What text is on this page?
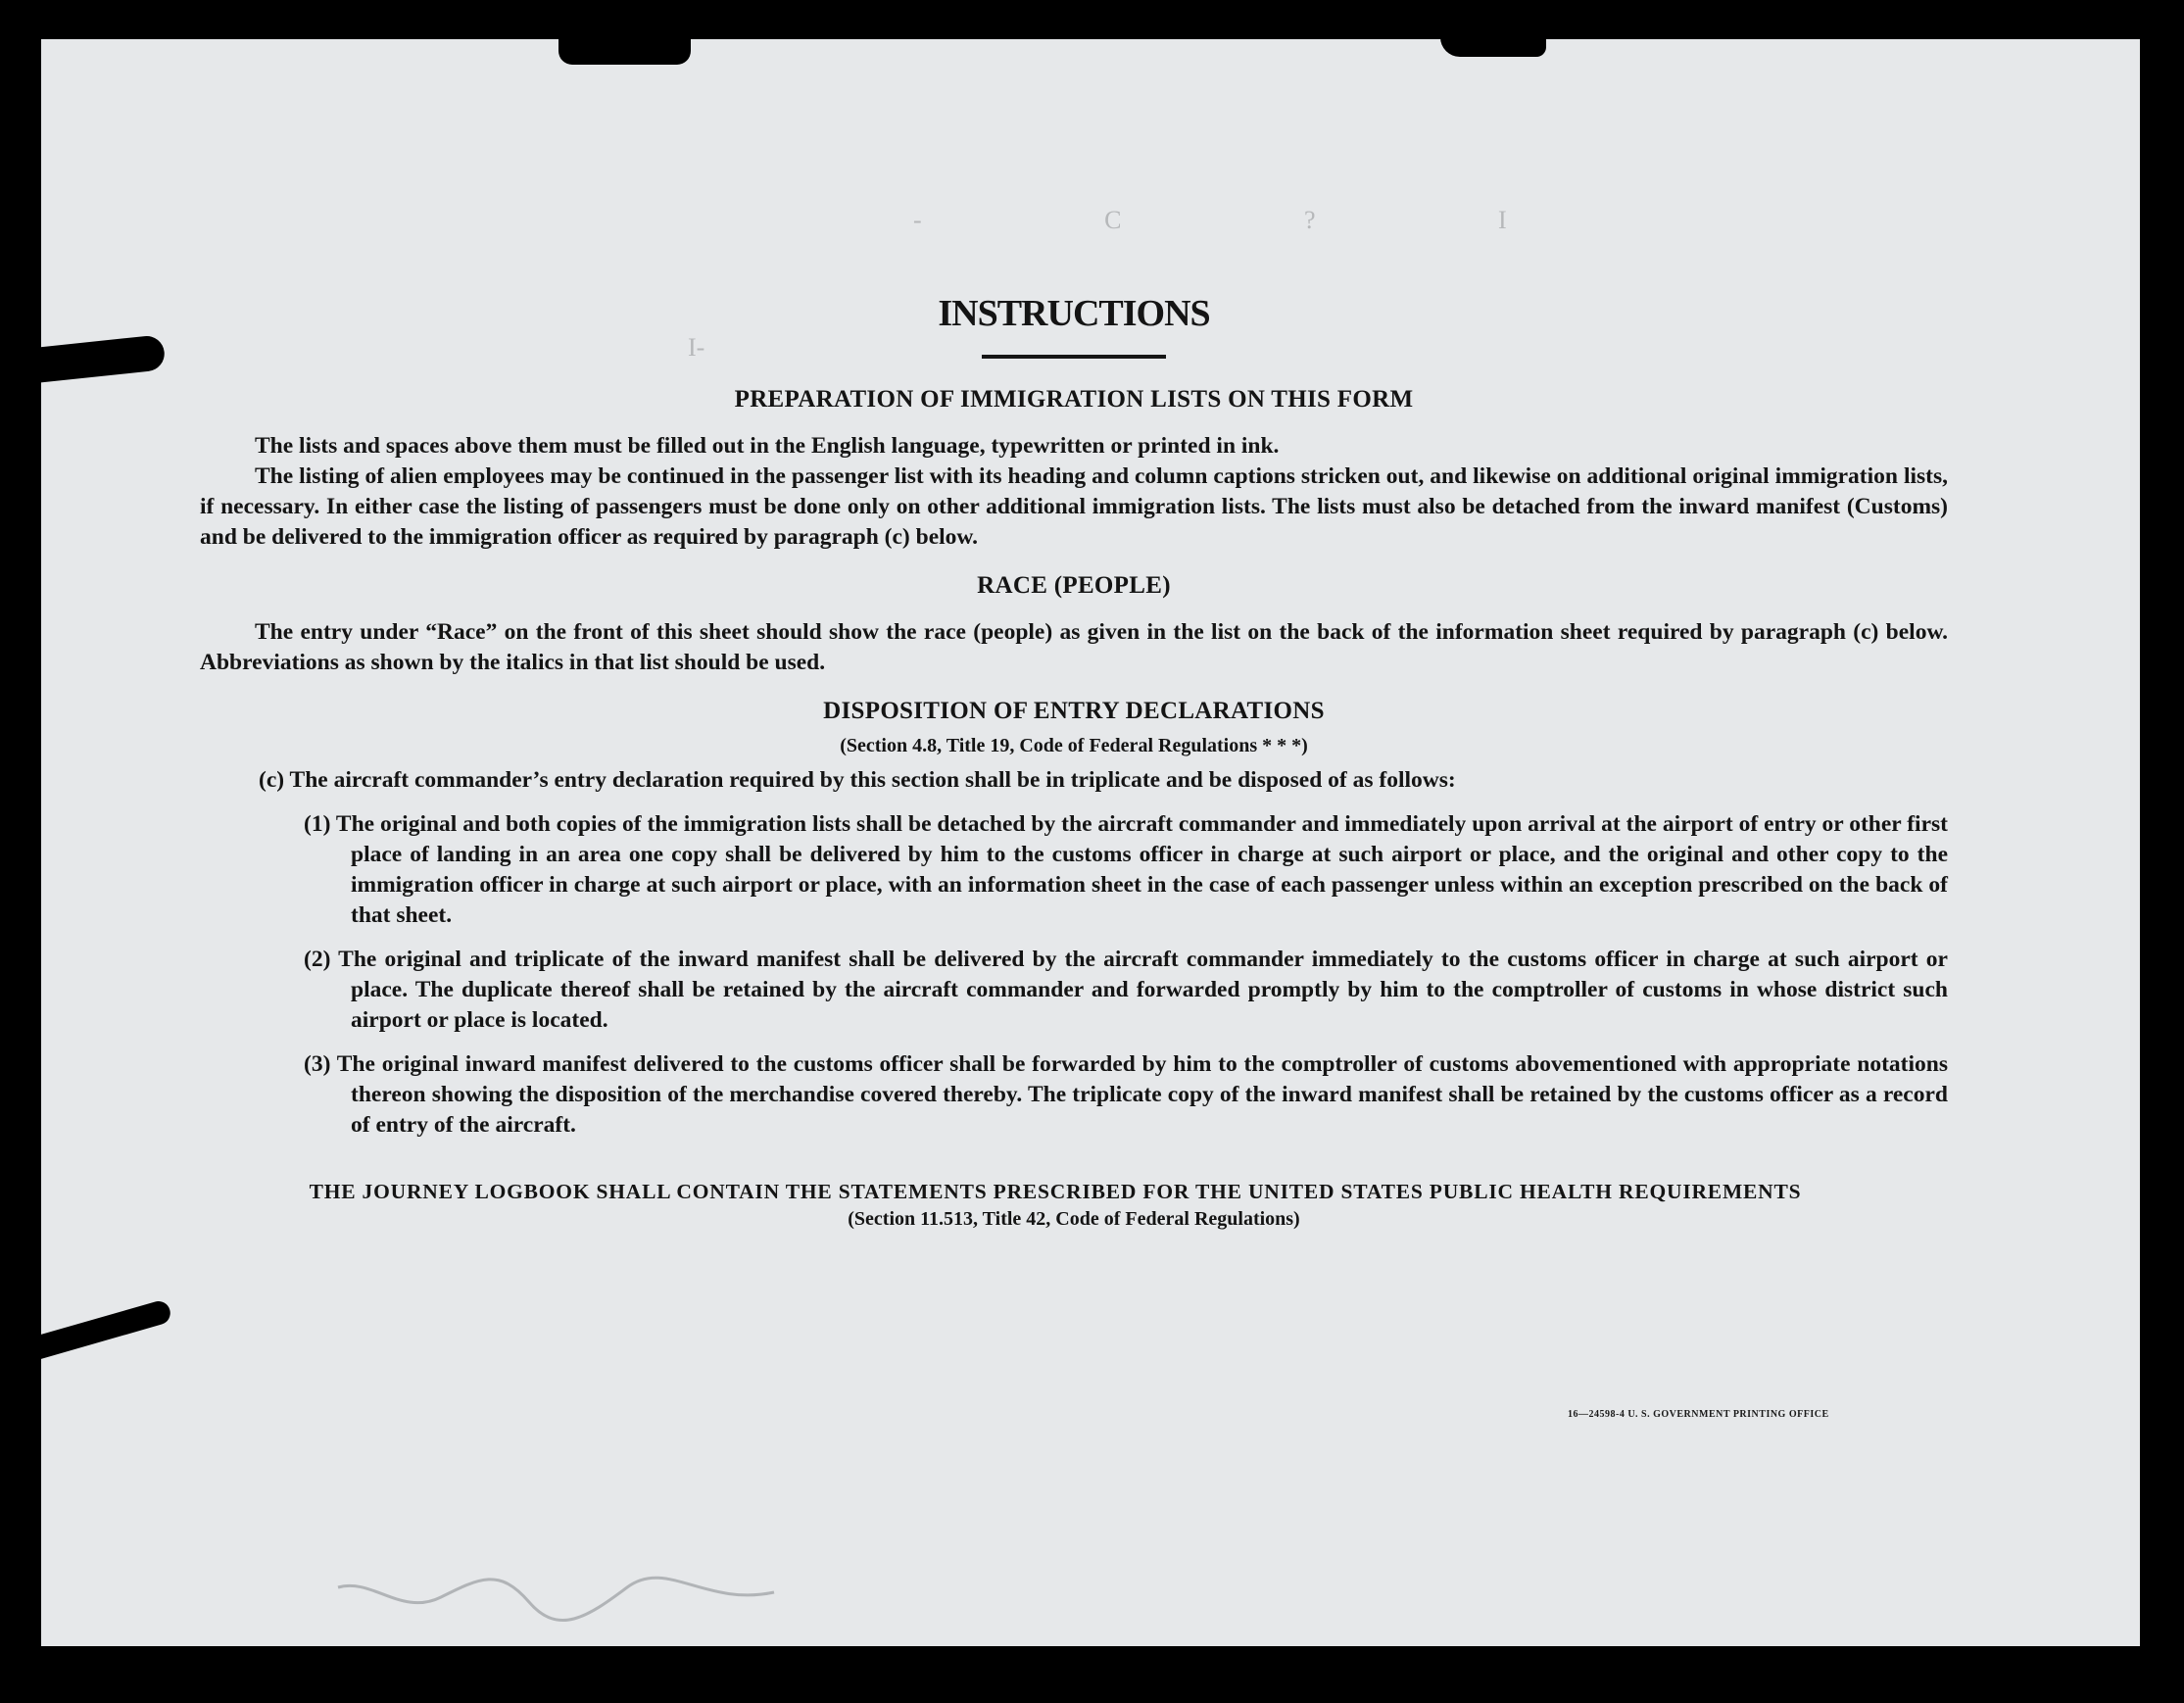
- C ? I
I-
INSTRUCTIONS
PREPARATION OF IMMIGRATION LISTS ON THIS FORM

The lists and spaces above them must be filled out in the English language, typewritten or printed in ink.

The listing of alien employees may be continued in the passenger list with its heading and column captions stricken out, and likewise on additional original immigration lists, if necessary. In either case the listing of passengers must be done only on other additional immigration lists. The lists must also be detached from the inward manifest (Customs) and be delivered to the immigration officer as required by paragraph (c) below.

RACE (PEOPLE)

The entry under “Race” on the front of this sheet should show the race (people) as given in the list on the back of the information sheet required by paragraph (c) below. Abbreviations as shown by the italics in that list should be used.

DISPOSITION OF ENTRY DECLARATIONS
(Section 4.8, Title 19, Code of Federal Regulations * * *)

(c) The aircraft commander’s entry declaration required by this section shall be in triplicate and be disposed of as follows:

(1) The original and both copies of the immigration lists shall be detached by the aircraft commander and immediately upon arrival at the airport of entry or other first place of landing in an area one copy shall be delivered by him to the customs officer in charge at such airport or place, and the original and other copy to the immigration officer in charge at such airport or place, with an information sheet in the case of each passenger unless within an exception prescribed on the back of that sheet.

(2) The original and triplicate of the inward manifest shall be delivered by the aircraft commander immediately to the customs officer in charge at such airport or place. The duplicate thereof shall be retained by the aircraft commander and forwarded promptly by him to the comptroller of customs in whose district such airport or place is located.

(3) The original inward manifest delivered to the customs officer shall be forwarded by him to the comptroller of customs abovementioned with appropriate notations thereon showing the disposition of the merchandise covered thereby. The triplicate copy of the inward manifest shall be retained by the customs officer as a record of entry of the aircraft.

THE JOURNEY LOGBOOK SHALL CONTAIN THE STATEMENTS PRESCRIBED FOR THE UNITED STATES PUBLIC HEALTH REQUIREMENTS
(Section 11.513, Title 42, Code of Federal Regulations)
16—24598-4 U. S. GOVERNMENT PRINTING OFFICE
